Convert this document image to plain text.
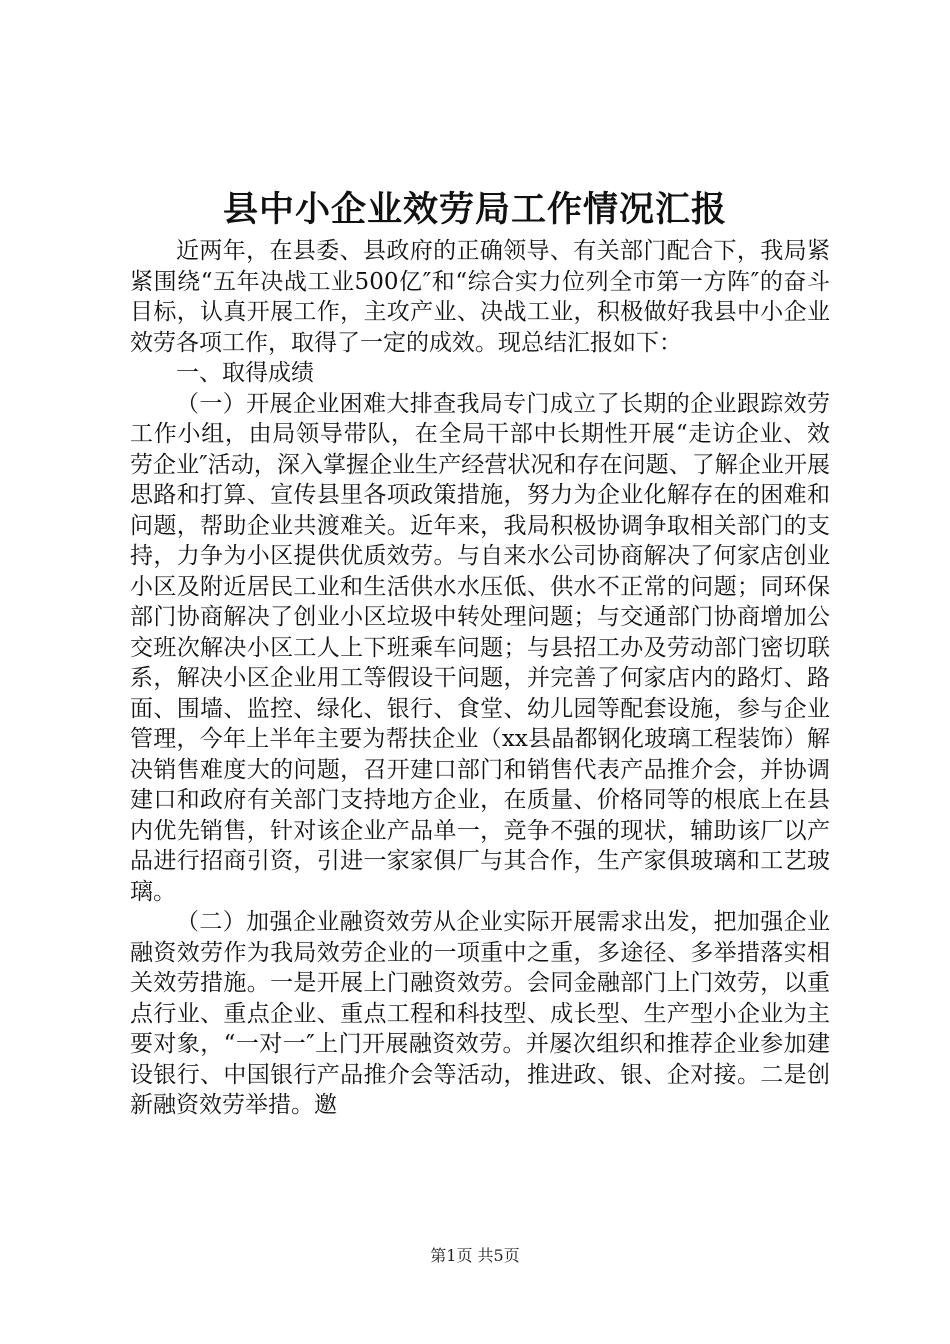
县中小企业效劳局工作情况汇报

近两年，在县委、县政府的正确领导、有关部门配合下，我局紧紧围绕“五年决战工业500亿″和“综合实力位列全市第一方阵″的奋斗目标，认真开展工作，主攻产业、决战工业，积极做好我县中小企业效劳各项工作，取得了一定的成效。现总结汇报如下：

一、取得成绩

（一）开展企业困难大排查我局专门成立了长期的企业跟踪效劳工作小组，由局领导带队，在全局干部中长期性开展“走访企业、效劳企业″活动，深入掌握企业生产经营状况和存在问题、了解企业开展思路和打算、宣传县里各项政策措施，努力为企业化解存在的困难和问题，帮助企业共渡难关。近年来，我局积极协调争取相关部门的支持，力争为小区提供优质效劳。与自来水公司协商解决了何家店创业小区及附近居民工业和生活供水水压低、供水不正常的问题；同环保部门协商解决了创业小区垃圾中转处理问题；与交通部门协商增加公交班次解决小区工人上下班乘车问题；与县招工办及劳动部门密切联系，解决小区企业用工等假设干问题，并完善了何家店内的路灯、路面、围墙、监控、绿化、银行、食堂、幼儿园等配套设施，参与企业管理，今年上半年主要为帮扶企业（xx县晶都钢化玻璃工程装饰）解决销售难度大的问题，召开建口部门和销售代表产品推介会，并协调建口和政府有关部门支持地方企业，在质量、价格同等的根底上在县内优先销售，针对该企业产品单一，竞争不强的现状，辅助该厂以产品进行招商引资，引进一家家俱厂与其合作，生产家俱玻璃和工艺玻璃。

（二）加强企业融资效劳从企业实际开展需求出发，把加强企业融资效劳作为我局效劳企业的一项重中之重，多途径、多举措落实相关效劳措施。一是开展上门融资效劳。会同金融部门上门效劳，以重点行业、重点企业、重点工程和科技型、成长型、生产型小企业为主要对象，“一对一″上门开展融资效劳。并屡次组织和推荐企业参加建设银行、中国银行产品推介会等活动，推进政、银、企对接。二是创新融资效劳举措。邀

第1页 共5页
